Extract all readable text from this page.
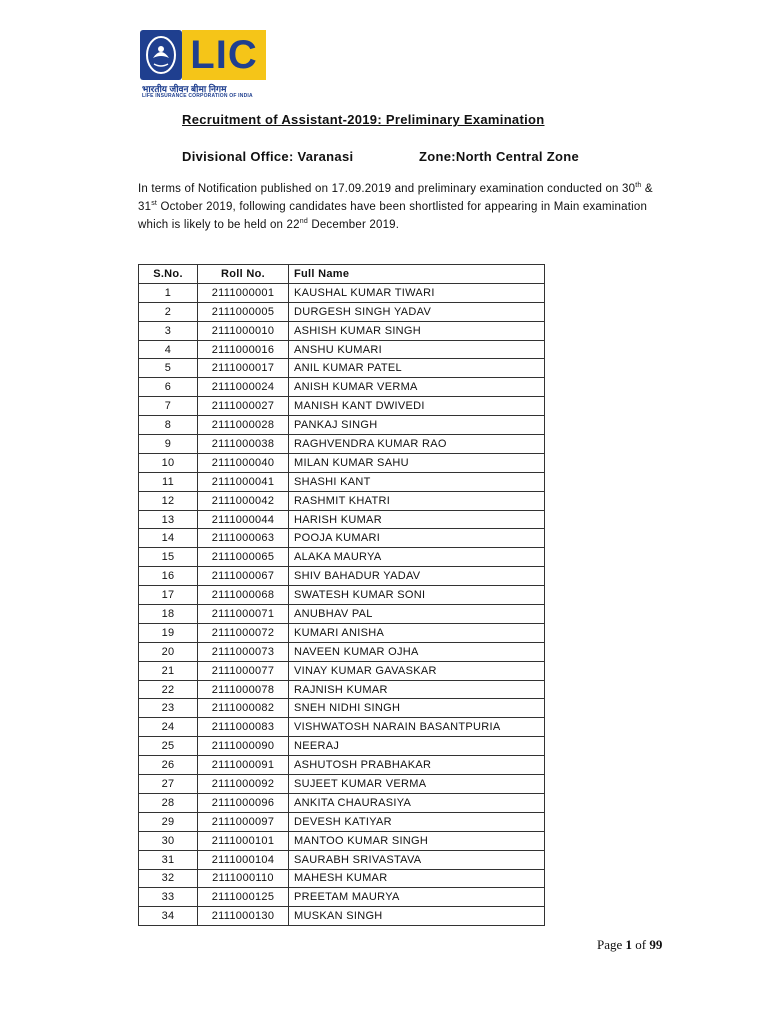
LIC
भारतीय जीवन बीमा निगम
LIFE INSURANCE CORPORATION OF INDIA
Recruitment of Assistant-2019: Preliminary Examination
Divisional Office: Varanasi	Zone:North Central Zone
In terms of Notification published on 17.09.2019 and preliminary examination conducted on 30th & 31st October 2019, following candidates have been shortlisted for appearing in Main examination which is likely to be held on 22nd December 2019.
S.No.	Roll No.	Full Name
1	2111000001	KAUSHAL KUMAR TIWARI
2	2111000005	DURGESH SINGH YADAV
3	2111000010	ASHISH KUMAR SINGH
4	2111000016	ANSHU KUMARI
5	2111000017	ANIL KUMAR PATEL
6	2111000024	ANISH KUMAR VERMA
7	2111000027	MANISH KANT DWIVEDI
8	2111000028	PANKAJ SINGH
9	2111000038	RAGHVENDRA KUMAR RAO
10	2111000040	MILAN KUMAR SAHU
11	2111000041	SHASHI KANT
12	2111000042	RASHMIT KHATRI
13	2111000044	HARISH KUMAR
14	2111000063	POOJA KUMARI
15	2111000065	ALAKA MAURYA
16	2111000067	SHIV BAHADUR YADAV
17	2111000068	SWATESH KUMAR SONI
18	2111000071	ANUBHAV PAL
19	2111000072	KUMARI ANISHA
20	2111000073	NAVEEN KUMAR OJHA
21	2111000077	VINAY KUMAR GAVASKAR
22	2111000078	RAJNISH KUMAR
23	2111000082	SNEH NIDHI SINGH
24	2111000083	VISHWATOSH NARAIN BASANTPURIA
25	2111000090	NEERAJ
26	2111000091	ASHUTOSH PRABHAKAR
27	2111000092	SUJEET KUMAR VERMA
28	2111000096	ANKITA CHAURASIYA
29	2111000097	DEVESH KATIYAR
30	2111000101	MANTOO KUMAR SINGH
31	2111000104	SAURABH SRIVASTAVA
32	2111000110	MAHESH KUMAR
33	2111000125	PREETAM MAURYA
34	2111000130	MUSKAN SINGH
Page 1 of 99
